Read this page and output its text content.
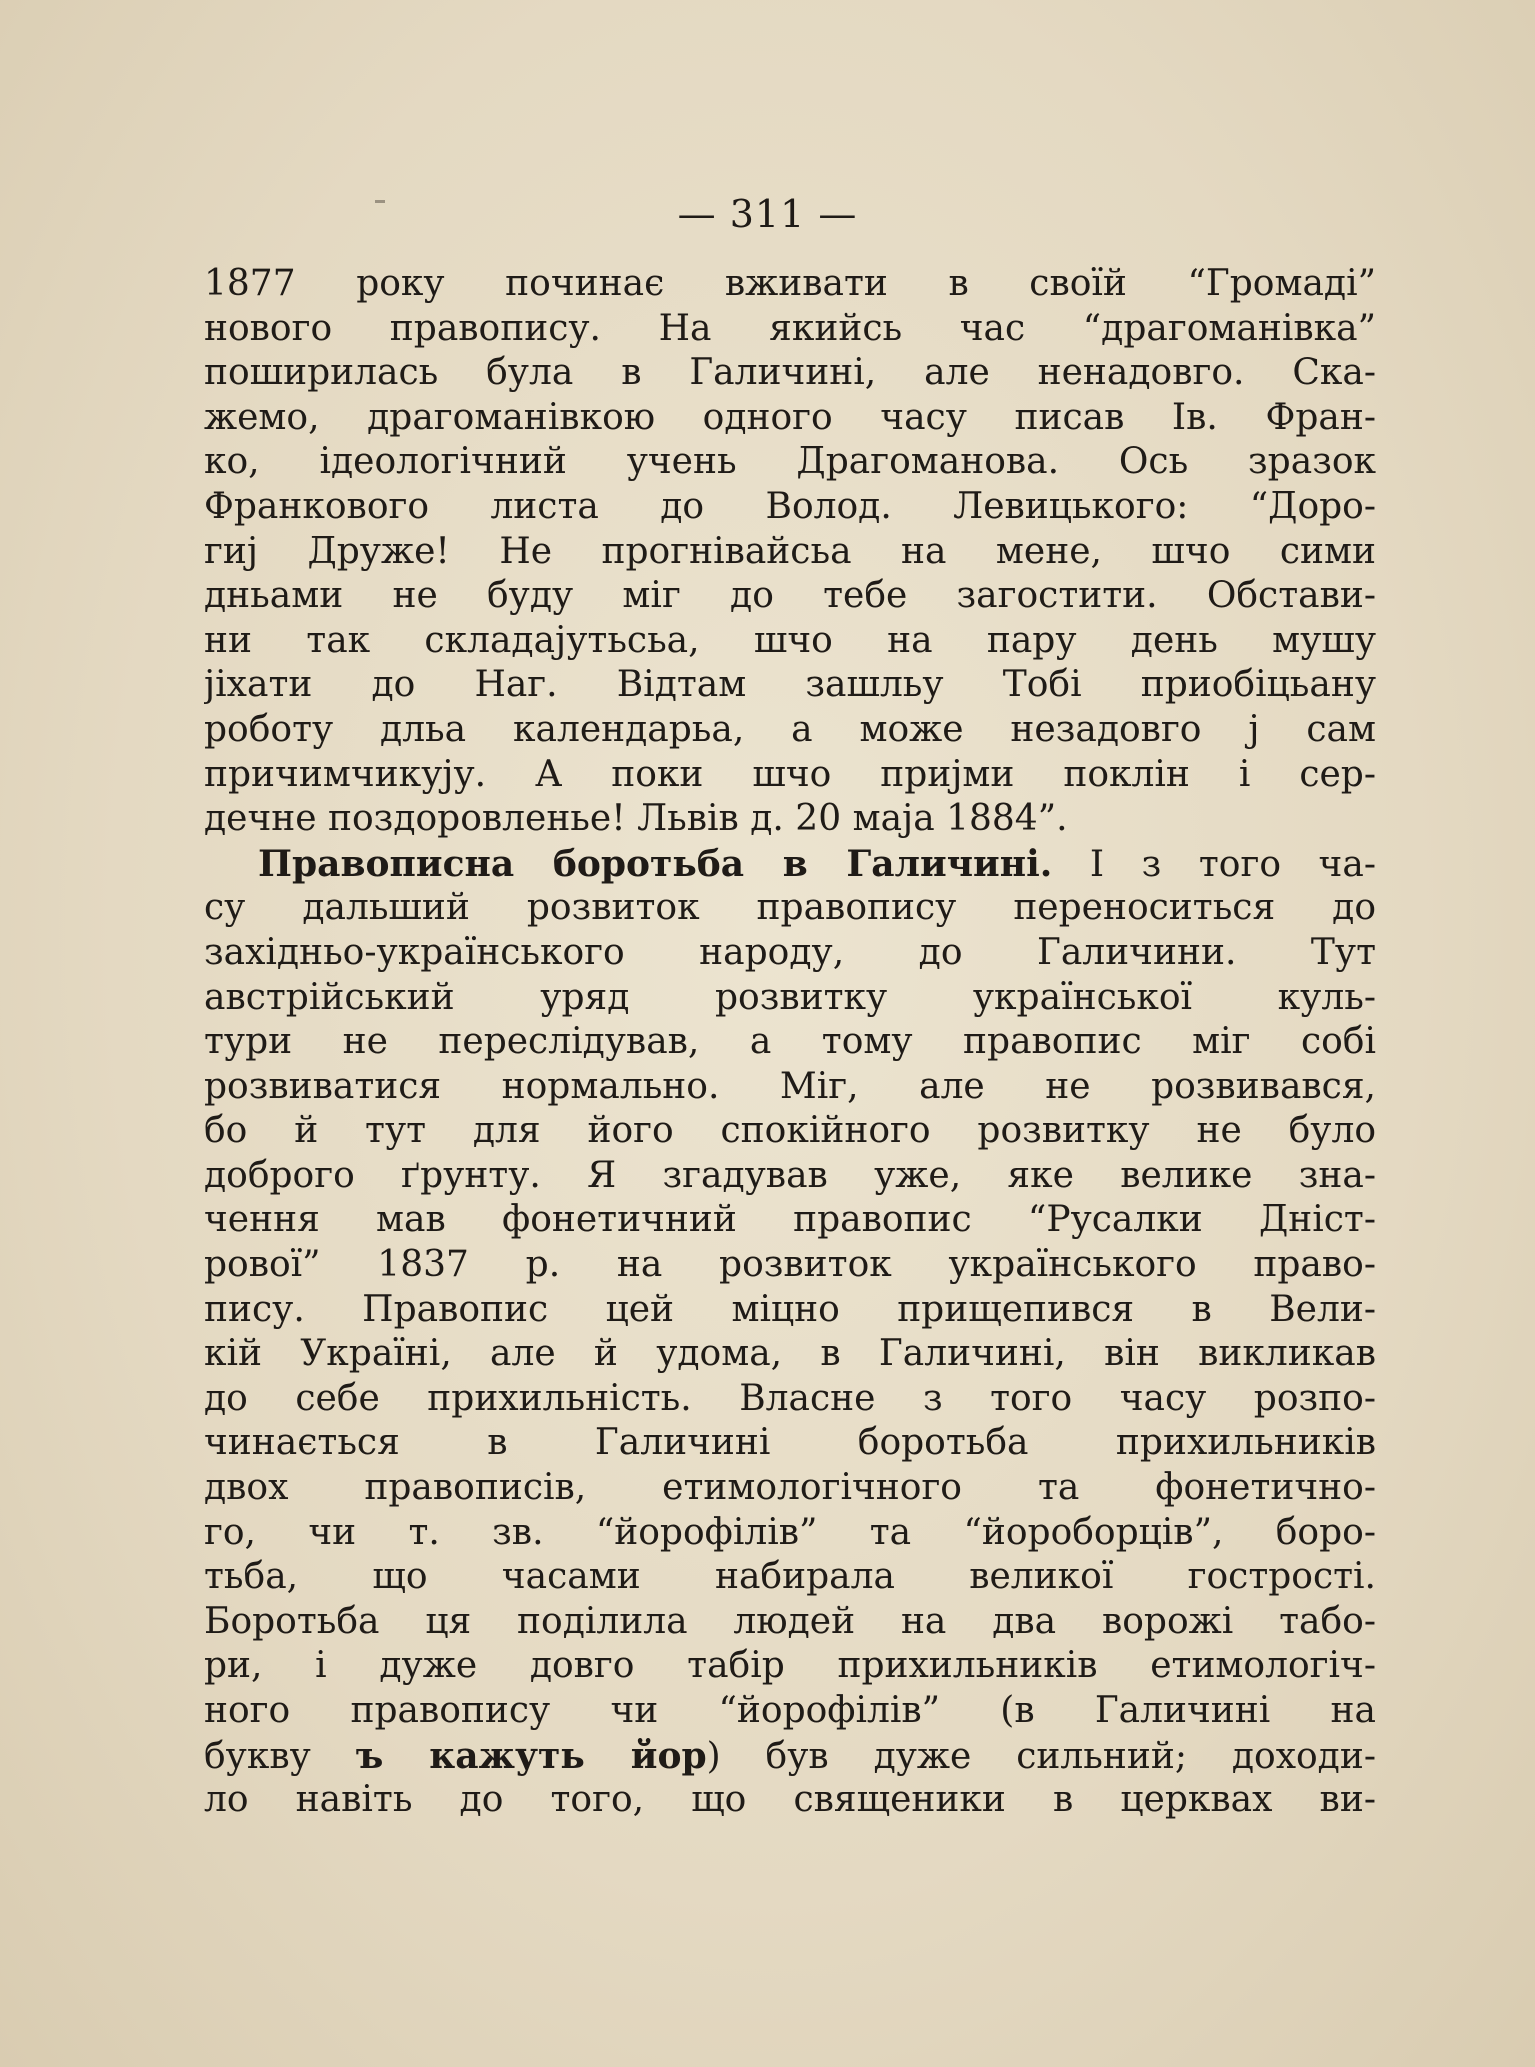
— 311 —
1877 року починає вживати в своїй “Громаді”
нового правопису. На якийсь час “драгоманівка”
поширилась була в Галичині, але ненадовго. Ска-
жемо, драгоманівкою одного часу писав Ів. Фран-
ко, ідеологічний учень Драгоманова. Ось зразок
Франкового листа до Волод. Левицького: “Доро-
гиј Друже! Не прогнівайсьа на мене, шчо сими
дньами не буду міг до тебе загостити. Обстави-
ни так складајутьсьа, шчо на пару день мушу
јіхати до Наг. Відтам зашльу Тобі приобіцьану
роботу дльа календарьа, а може незадовго ј сам
причимчикују. А поки шчо пријми поклін і сер-
дечне поздоровленье! Львів д. 20 маја 1884”.
Правописна боротьба в Галичині. І з того ча-
су дальший розвиток правопису переноситься до
західньо-українського народу, до Галичини. Тут
австрійський уряд розвитку української куль-
тури не переслідував, а тому правопис міг собі
розвиватися нормально. Міг, але не розвивався,
бо й тут для його спокійного розвитку не було
доброго ґрунту. Я згадував уже, яке велике зна-
чення мав фонетичний правопис “Русалки Дніст-
рової” 1837 р. на розвиток українського право-
пису. Правопис цей міцно прищепився в Вели-
кій Україні, але й удома, в Галичині, він викликав
до себе прихильність. Власне з того часу розпо-
чинається в Галичині боротьба прихильників
двох правописів, етимологічного та фонетично-
го, чи т. зв. “йорофілів” та “йороборців”, боро-
тьба, що часами набирала великої гостростi.
Боротьба ця поділила людей на два ворожі табо-
ри, і дуже довго табір прихильників етимологіч-
ного правопису чи “йорофілів” (в Галичині на
букву ъ кажуть йор) був дуже сильний; доходи-
ло навіть до того, що священики в церквах ви-
